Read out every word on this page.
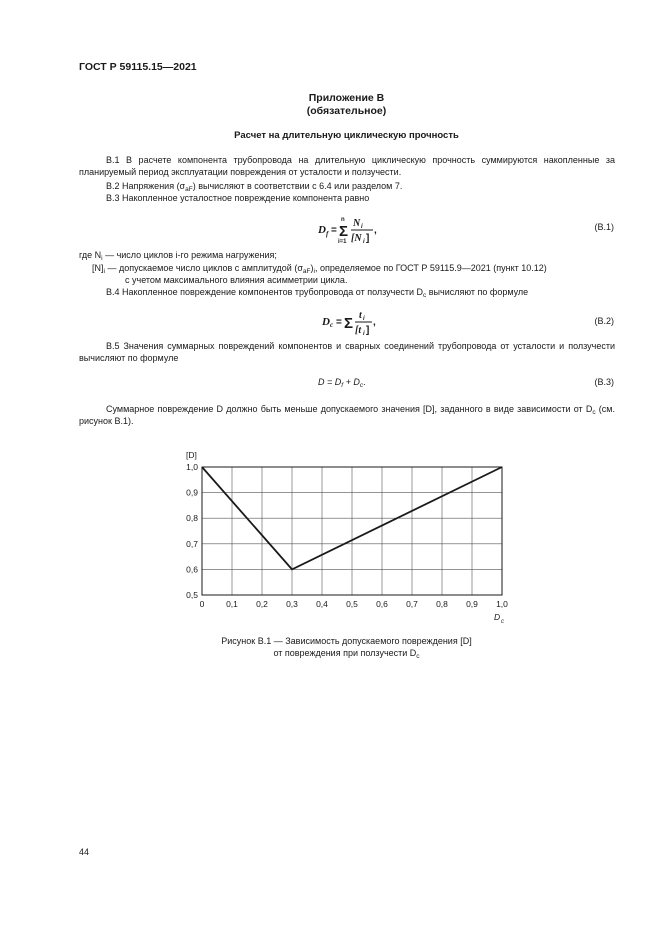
ГОСТ Р 59115.15—2021
Приложение В
(обязательное)
Расчет на длительную циклическую прочность
В.1 В расчете компонента трубопровода на длительную циклическую прочность суммируются накопленные за планируемый период эксплуатации повреждения от усталости и ползучести.
В.2 Напряжения $(\sigma_{aF})$ вычисляют в соответствии с 6.4 или разделом 7.
В.3 Накопленное усталостное повреждение компонента равно
D f = Σ
n
i=1
N i
[N i ]
,	(В.1)
где $N_i$ — число циклов i-го режима нагружения;
$[N]_i$ — допускаемое число циклов с амплитудой $(\sigma_{aF})_i$, определяемое по ГОСТ Р 59115.9—2021 (пункт 10.12)
с учетом максимального влияния асимметрии цикла.
В.4 Накопленное повреждение компонентов трубопровода от ползучести $D_c$ вычисляют по формуле
D c = Σ t i
[t i ]
,	(В.2)
В.5 Значения суммарных повреждений компонентов и сварных соединений трубопровода от усталости и ползучести вычисляют по формуле
$D = D_f + D_c$.	(В.3)
Суммарное повреждение D должно быть меньше допускаемого значения [D], заданного в виде зависимости от $D_c$ (см. рисунок В.1).
0	0,1 0,2 0,3 0,4 0,5 0,6 0,7 0,8 0,9 1,0
0,5
0,6
0,7
0,8
0,9
1,0
[D]
D c
Рисунок В.1 — Зависимость допускаемого повреждения [D]
от повреждения при ползучести $D_c$
44
